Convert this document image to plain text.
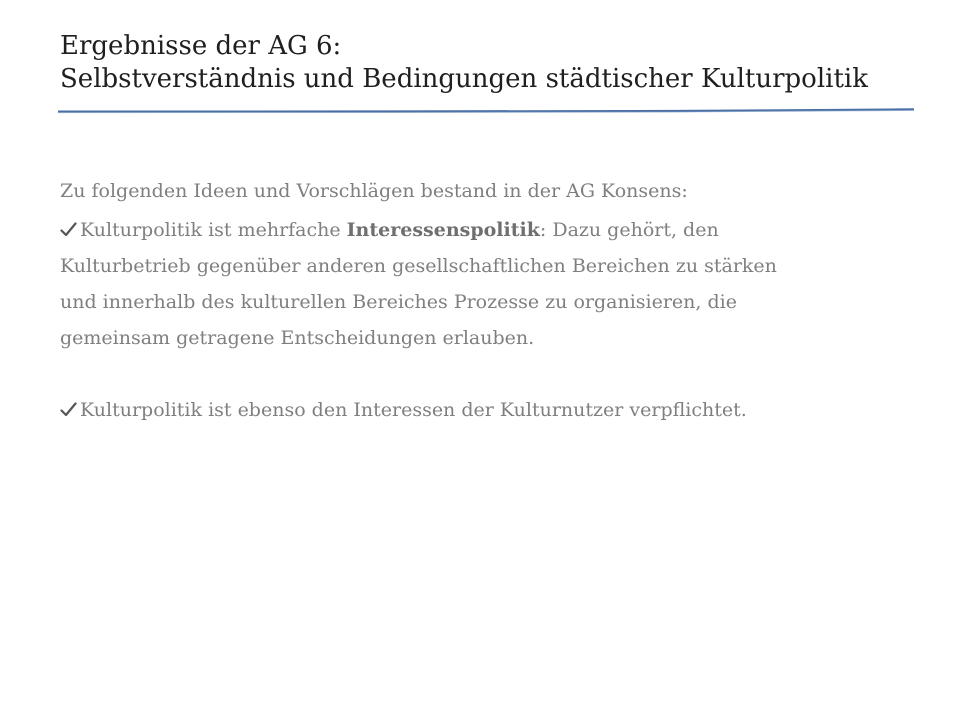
Ergebnisse der AG 6:
Selbstverständnis und Bedingungen städtischer Kulturpolitik
Zu folgenden Ideen und Vorschlägen bestand in der AG Konsens:
Kulturpolitik ist mehrfache Interessenspolitik: Dazu gehört, den
Kulturbetrieb gegenüber anderen gesellschaftlichen Bereichen zu stärken
und innerhalb des kulturellen Bereiches Prozesse zu organisieren, die
gemeinsam getragene Entscheidungen erlauben.
Kulturpolitik ist ebenso den Interessen der Kulturnutzer verpflichtet.
